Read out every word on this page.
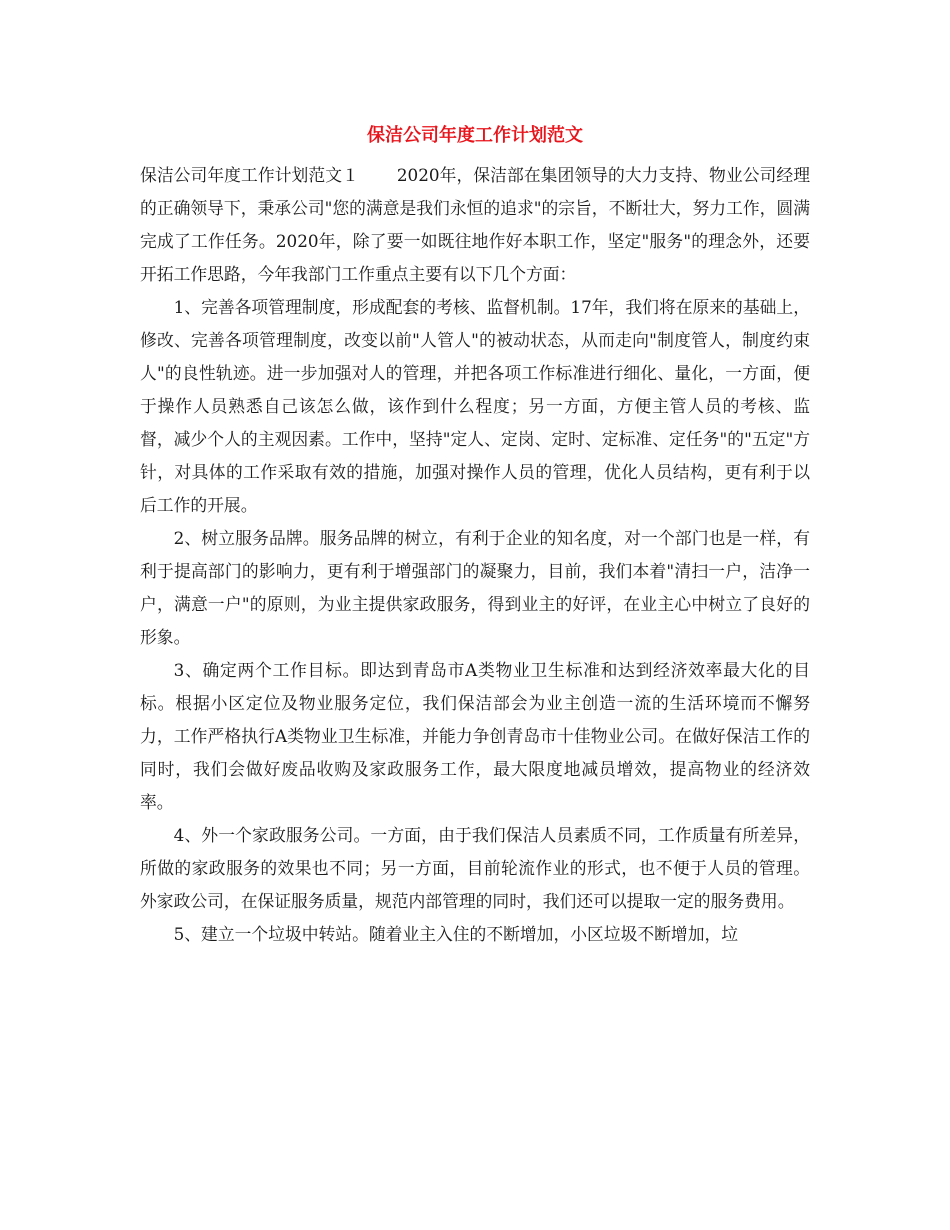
保洁公司年度工作计划范文

保洁公司年度工作计划范文１ 2020年，保洁部在集团领导的大力支持、物业公司经理的正确领导下，秉承公司"您的满意是我们永恒的追求"的宗旨，不断壮大，努力工作，圆满完成了工作任务。2020年，除了要一如既往地作好本职工作，坚定"服务"的理念外，还要开拓工作思路，今年我部门工作重点主要有以下几个方面：

1、完善各项管理制度，形成配套的考核、监督机制。17年，我们将在原来的基础上，修改、完善各项管理制度，改变以前"人管人"的被动状态，从而走向"制度管人，制度约束人"的良性轨迹。进一步加强对人的管理，并把各项工作标准进行细化、量化，一方面，便于操作人员熟悉自己该怎么做，该作到什么程度；另一方面，方便主管人员的考核、监督，减少个人的主观因素。工作中，坚持"定人、定岗、定时、定标准、定任务"的"五定"方针，对具体的工作采取有效的措施，加强对操作人员的管理，优化人员结构，更有利于以后工作的开展。

2、树立服务品牌。服务品牌的树立，有利于企业的知名度，对一个部门也是一样，有利于提高部门的影响力，更有利于增强部门的凝聚力，目前，我们本着"清扫一户，洁净一户，满意一户"的原则，为业主提供家政服务，得到业主的好评，在业主心中树立了良好的形象。

3、确定两个工作目标。即达到青岛市A类物业卫生标准和达到经济效率最大化的目标。根据小区定位及物业服务定位，我们保洁部会为业主创造一流的生活环境而不懈努力，工作严格执行A类物业卫生标准，并能力争创青岛市十佳物业公司。在做好保洁工作的同时，我们会做好废品收购及家政服务工作，最大限度地减员增效，提高物业的经济效率。

4、外一个家政服务公司。一方面，由于我们保洁人员素质不同，工作质量有所差异，所做的家政服务的效果也不同；另一方面，目前轮流作业的形式，也不便于人员的管理。外家政公司，在保证服务质量，规范内部管理的同时，我们还可以提取一定的服务费用。

5、建立一个垃圾中转站。随着业主入住的不断增加，小区垃圾不断增加，垃
